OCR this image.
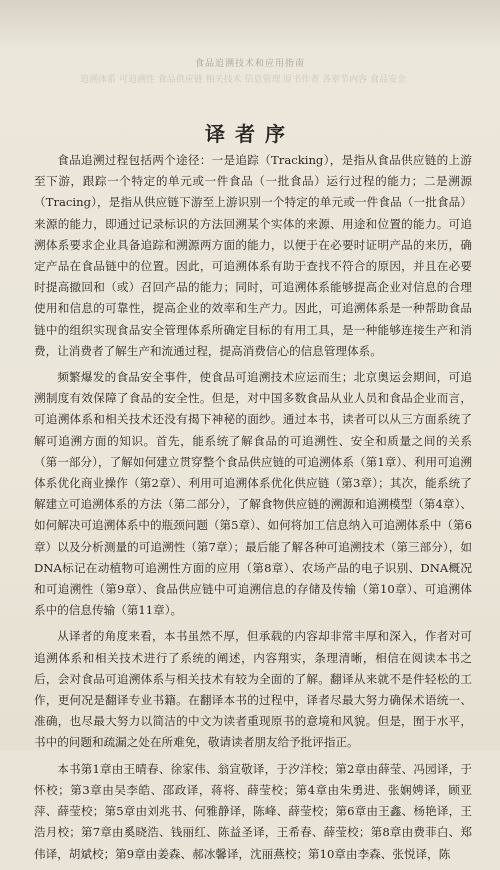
食品追溯技术和应用指南
追溯体系 可追溯性 食品供应链 相关技术 信息管理 原书作者 各章节内容 食品安全
译者序

食品追溯过程包括两个途径：一是追踪（Tracking），是指从食品供应链的上游至下游，跟踪一个特定的单元或一件食品（一批食品）运行过程的能力；二是溯源（Tracing），是指从供应链下游至上游识别一个特定的单元或一件食品（一批食品）来源的能力，即通过记录标识的方法回溯某个实体的来源、用途和位置的能力。可追溯体系要求企业具备追踪和溯源两方面的能力，以便于在必要时证明产品的来历，确定产品在食品链中的位置。因此，可追溯体系有助于查找不符合的原因，并且在必要时提高撤回和（或）召回产品的能力；同时，可追溯体系能够提高企业对信息的合理使用和信息的可靠性，提高企业的效率和生产力。因此，可追溯体系是一种帮助食品链中的组织实现食品安全管理体系所确定目标的有用工具，是一种能够连接生产和消费，让消费者了解生产和流通过程，提高消费信心的信息管理体系。

频繁爆发的食品安全事件，使食品可追溯技术应运而生；北京奥运会期间，可追溯制度有效保障了食品的安全性。但是，对中国多数食品从业人员和食品企业而言，可追溯体系和相关技术还没有揭下神秘的面纱。通过本书，读者可以从三方面系统了解可追溯方面的知识。首先，能系统了解食品的可追溯性、安全和质量之间的关系（第一部分），了解如何建立贯穿整个食品供应链的可追溯体系（第1章）、利用可追溯体系优化商业操作（第2章）、利用可追溯体系优化供应链（第3章）；其次，能系统了解建立可追溯体系的方法（第二部分），了解食物供应链的溯源和追溯模型（第4章）、如何解决可追溯体系中的瓶颈问题（第5章）、如何将加工信息纳入可追溯体系中（第6章）以及分析测量的可追溯性（第7章）；最后能了解各种可追溯技术（第三部分），如DNA标记在动植物可追溯性方面的应用（第8章）、农场产品的电子识别、DNA概况和可追溯性（第9章）、食品供应链中可追溯信息的存储及传输（第10章）、可追溯体系中的信息传输（第11章）。

从译者的角度来看，本书虽然不厚，但承载的内容却非常丰厚和深入，作者对可追溯体系和相关技术进行了系统的阐述，内容翔实，条理清晰，相信在阅读本书之后，会对食品可追溯体系与相关技术有较为全面的了解。翻译从来就不是件轻松的工作，更何况是翻译专业书籍。在翻译本书的过程中，译者尽最大努力确保术语统一、准确，也尽最大努力以简洁的中文为读者重现原书的意境和风貌。但是，囿于水平，书中的问题和疏漏之处在所难免，敬请读者朋友给予批评指正。

本书第1章由王晴春、徐家伟、翁宣敬译，于汐洋校；第2章由薛莹、冯园译，于怀校；第3章由吴李皓、邵政译，蒋将、薛莹校；第4章由朱勇进、张娴娉译，顾亚萍、薛莹校；第5章由刘兆书、何雅静译，陈峰、薛莹校；第6章由王鑫、杨艳译，王浩月校；第7章由奚晓浩、钱丽红、陈益圣译，王希春、薛莹校；第8章由费菲白、郑伟译，胡斌校；第9章由姜森、郝冰馨译，沈丽燕校；第10章由李森、张悦译，陈
